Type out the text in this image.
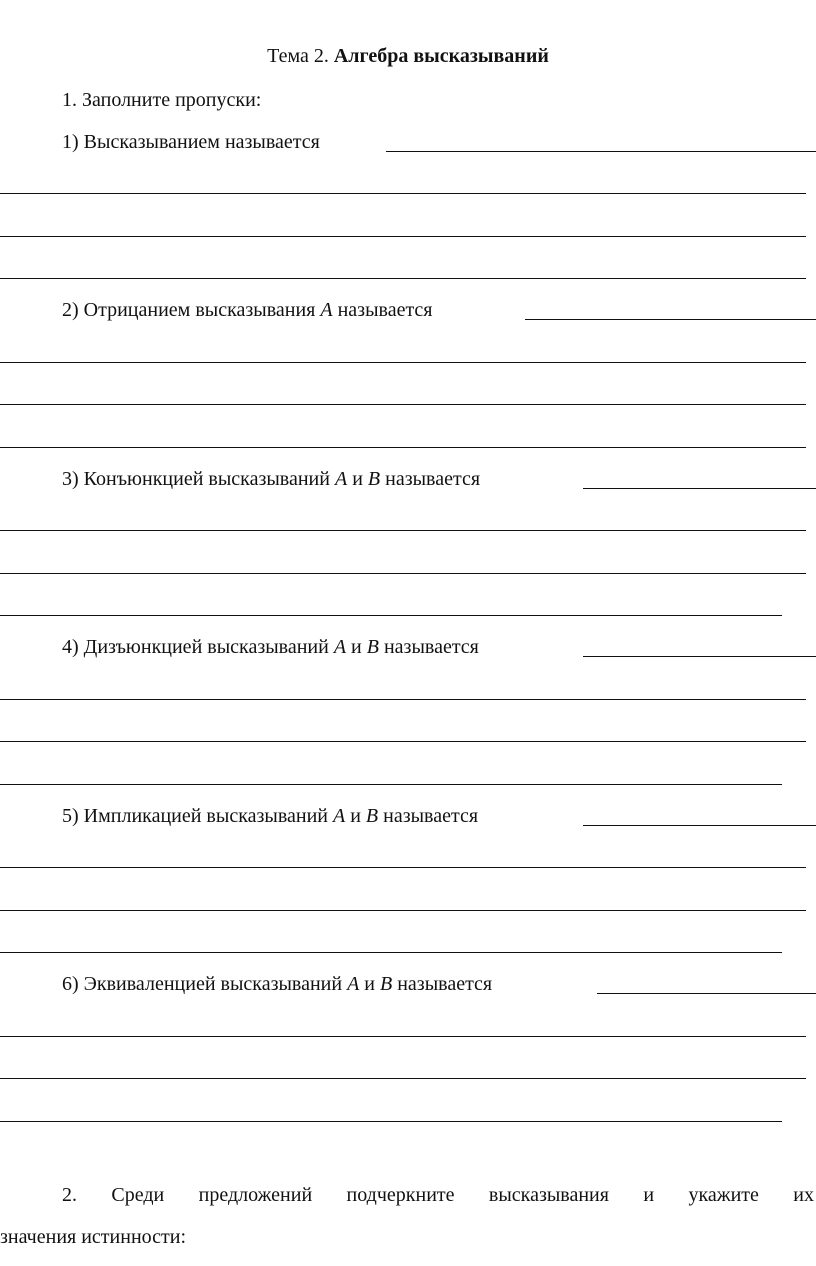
Тема 2. Алгебра высказываний
1. Заполните пропуски:
1) Высказыванием называется
2) Отрицанием высказывания A называется
3) Конъюнкцией высказываний A и B называется
4) Дизъюнкцией высказываний A и B называется
5) Импликацией высказываний A и B называется
6) Эквиваленцией высказываний A и B называется
2. Среди предложений подчеркните высказывания и укажите их
значения истинности:
